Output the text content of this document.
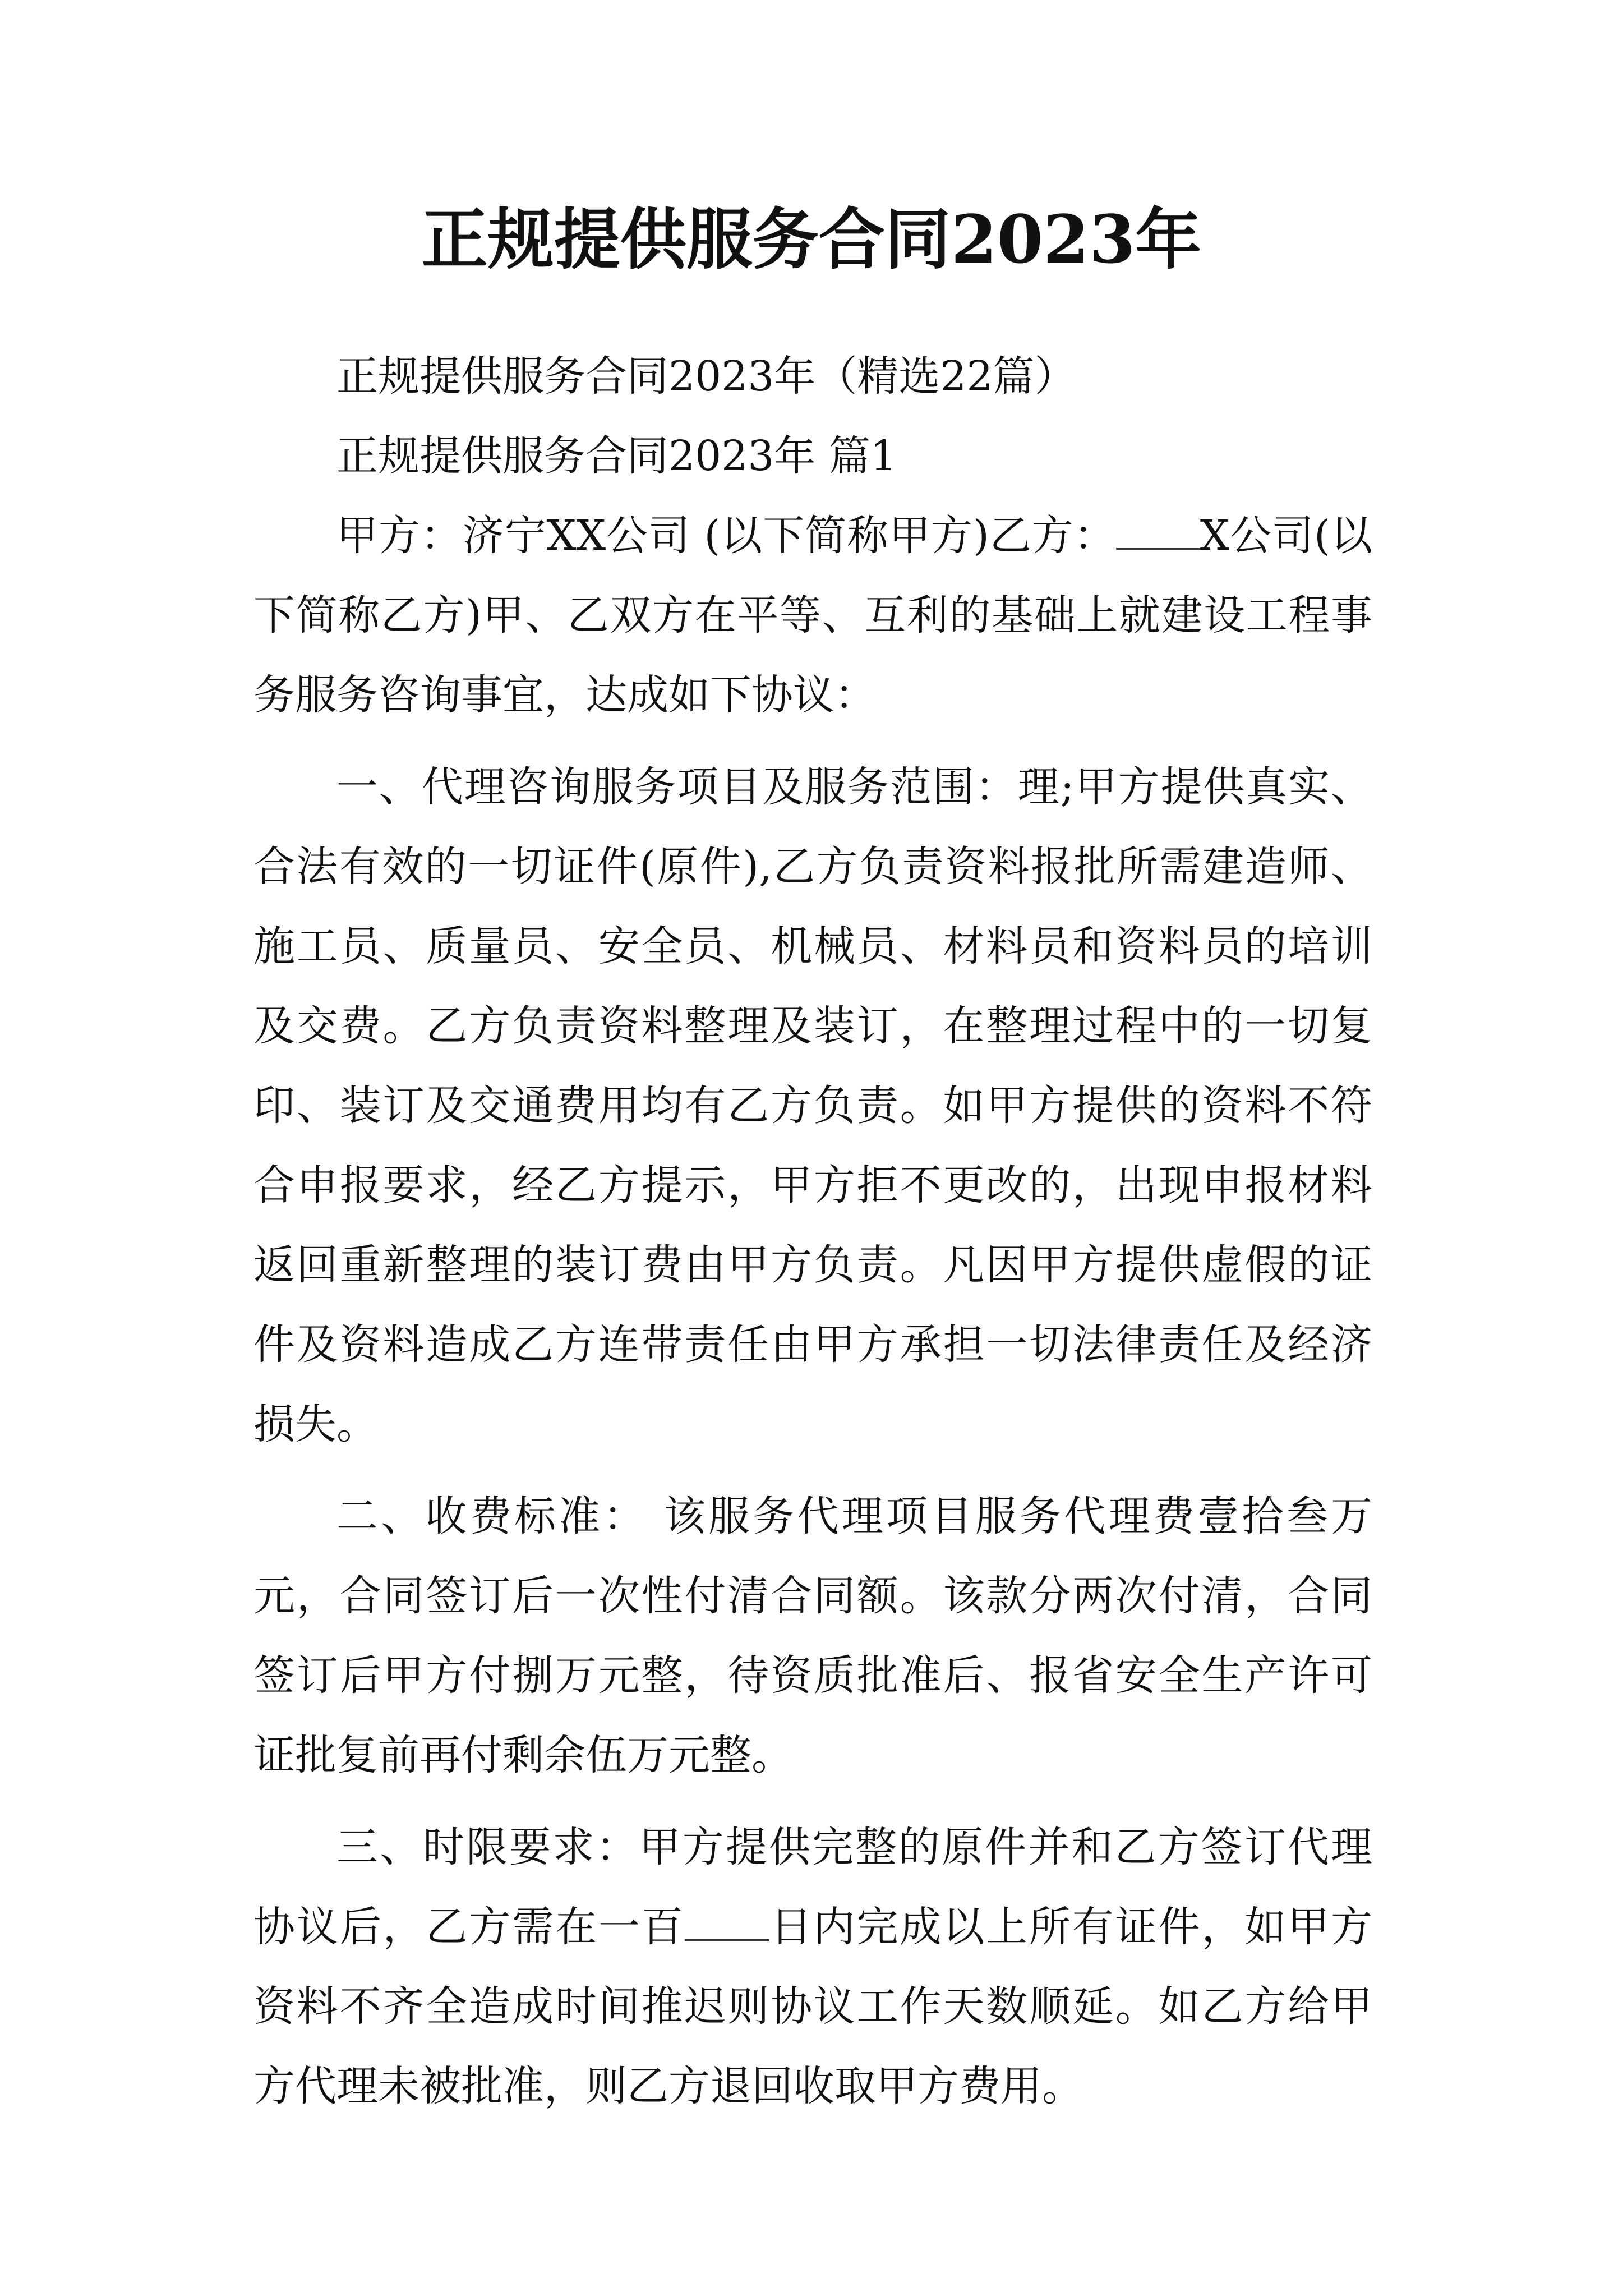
正规提供服务合同2023年

正规提供服务合同2023年（精选22篇）

正规提供服务合同2023年 篇1

甲方：济宁XX公司 (以下简称甲方)乙方： X公司(以下简称乙方)甲、乙双方在平等、互利的基础上就建设工程事务服务咨询事宜，达成如下协议：

一、代理咨询服务项目及服务范围：理;甲方提供真实、合法有效的一切证件(原件),乙方负责资料报批所需建造师、施工员、质量员、安全员、机械员、材料员和资料员的培训及交费。乙方负责资料整理及装订，在整理过程中的一切复印、装订及交通费用均有乙方负责。如甲方提供的资料不符合申报要求，经乙方提示，甲方拒不更改的，出现申报材料返回重新整理的装订费由甲方负责。凡因甲方提供虚假的证件及资料造成乙方连带责任由甲方承担一切法律责任及经济损失。

二、收费标准： 该服务代理项目服务代理费壹拾叁万元，合同签订后一次性付清合同额。该款分两次付清，合同签订后甲方付捌万元整，待资质批准后、报省安全生产许可证批复前再付剩余伍万元整。

三、时限要求：甲方提供完整的原件并和乙方签订代理协议后，乙方需在一百 日内完成以上所有证件，如甲方资料不齐全造成时间推迟则协议工作天数顺延。如乙方给甲方代理未被批准，则乙方退回收取甲方费用。
